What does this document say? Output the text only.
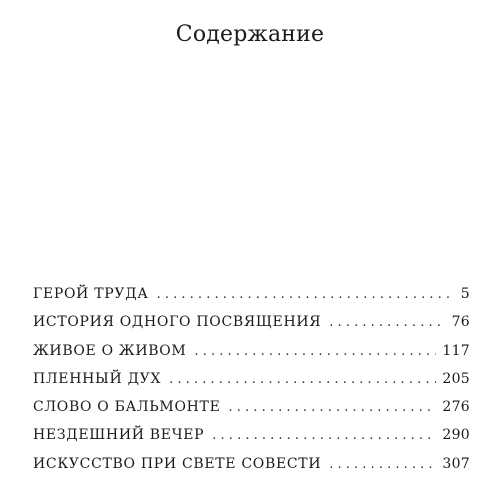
Содержание
ГЕРОЙ ТРУДА . . .	5
ИСТОРИЯ ОДНОГО ПОСВЯЩЕНИЯ . . .	76
ЖИВОЕ О ЖИВОМ . . .	117
ПЛЕННЫЙ ДУХ . . .	205
СЛОВО О БАЛЬМОНТЕ . . .	276
НЕЗДЕШНИЙ ВЕЧЕР . . .	290
ИСКУССТВО ПРИ СВЕТЕ СОВЕСТИ . . .	307
